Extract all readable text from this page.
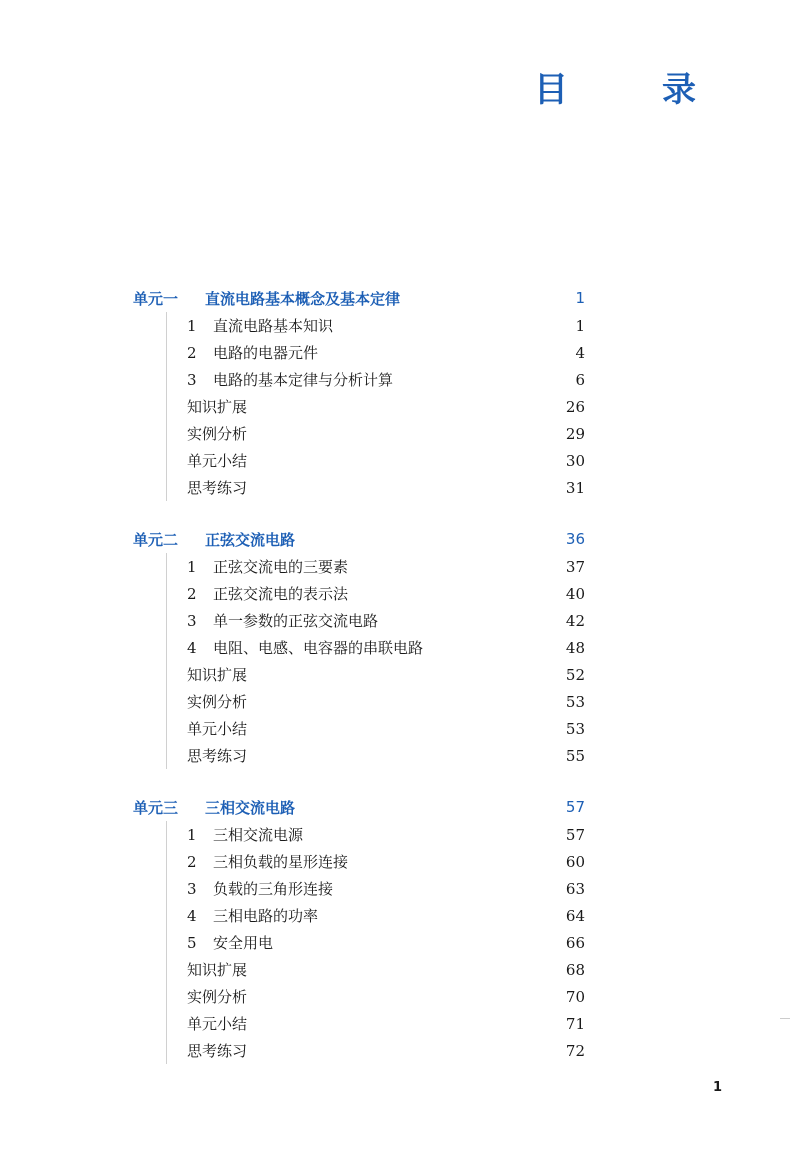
目　录
单元一 直流电路基本概念及基本定律	1
1 直流电路基本知识	1
2 电路的电器元件	4
3 电路的基本定律与分析计算	6
知识扩展	26
实例分析	29
单元小结	30
思考练习	31
单元二 正弦交流电路	36
1 正弦交流电的三要素	37
2 正弦交流电的表示法	40
3 单一参数的正弦交流电路	42
4 电阻、电感、电容器的串联电路	48
知识扩展	52
实例分析	53
单元小结	53
思考练习	55
单元三 三相交流电路	57
1 三相交流电源	57
2 三相负载的星形连接	60
3 负载的三角形连接	63
4 三相电路的功率	64
5 安全用电	66
知识扩展	68
实例分析	70
单元小结	71
思考练习	72
1
